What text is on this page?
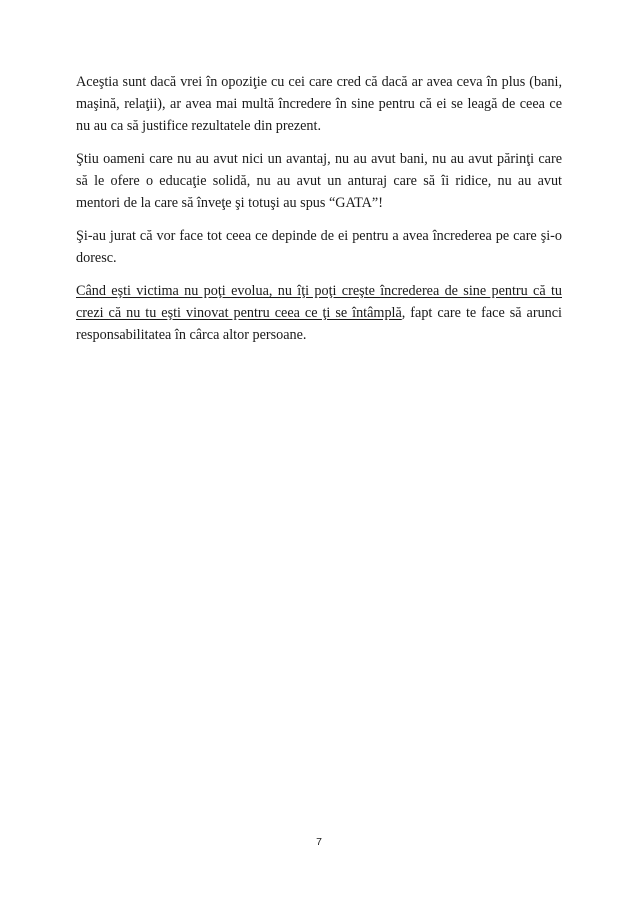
Aceştia sunt dacă vrei în opoziţie cu cei care cred că dacă ar avea ceva în plus (bani, maşină, relaţii), ar avea mai multă încredere în sine pentru că ei se leagă de ceea ce nu au ca să justifice rezultatele din prezent.

Ştiu oameni care nu au avut nici un avantaj, nu au avut bani, nu au avut părinţi care să le ofere o educaţie solidă, nu au avut un anturaj care să îi ridice, nu au avut mentori de la care să înveţe şi totuşi au spus “GATA”!

Şi-au jurat că vor face tot ceea ce depinde de ei pentru a avea încrederea pe care şi-o doresc.

Când eşti victima nu poţi evolua, nu îţi poţi creşte încrederea de sine pentru că tu crezi că nu tu eşti vinovat pentru ceea ce ţi se întâmplă, fapt care te face să arunci responsabilitatea în cârca altor persoane.

7
